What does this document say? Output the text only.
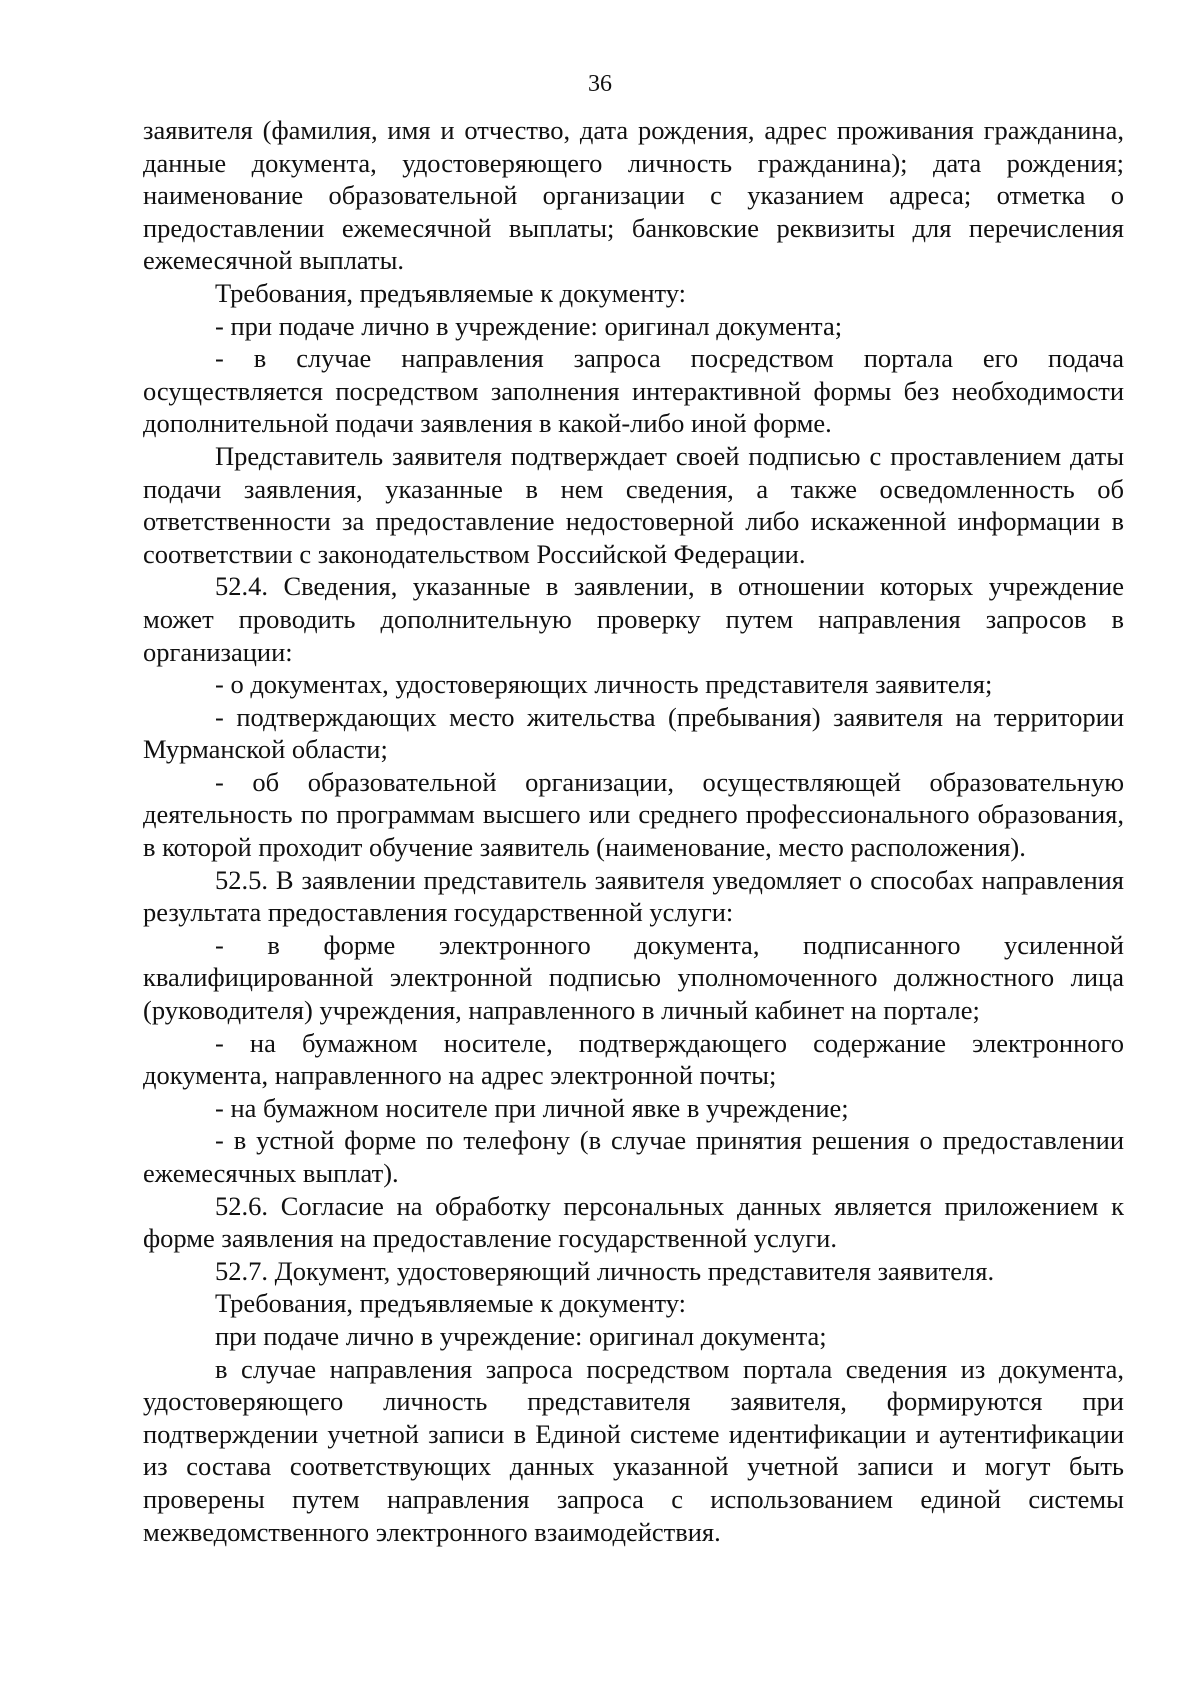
36

заявителя (фамилия, имя и отчество, дата рождения, адрес проживания гражданина, данные документа, удостоверяющего личность гражданина); дата рождения; наименование образовательной организации с указанием адреса; отметка о предоставлении ежемесячной выплаты; банковские реквизиты для перечисления ежемесячной выплаты.

Требования, предъявляемые к документу:

- при подаче лично в учреждение: оригинал документа;

- в случае направления запроса посредством портала его подача осуществляется посредством заполнения интерактивной формы без необходимости дополнительной подачи заявления в какой-либо иной форме.

Представитель заявителя подтверждает своей подписью с проставлением даты подачи заявления, указанные в нем сведения, а также осведомленность об ответственности за предоставление недостоверной либо искаженной информации в соответствии с законодательством Российской Федерации.

52.4. Сведения, указанные в заявлении, в отношении которых учреждение может проводить дополнительную проверку путем направления запросов в организации:

- о документах, удостоверяющих личность представителя заявителя;

- подтверждающих место жительства (пребывания) заявителя на территории Мурманской области;

- об образовательной организации, осуществляющей образовательную деятельность по программам высшего или среднего профессионального образования, в которой проходит обучение заявитель (наименование, место расположения).

52.5. В заявлении представитель заявителя уведомляет о способах направления результата предоставления государственной услуги:

- в форме электронного документа, подписанного усиленной квалифицированной электронной подписью уполномоченного должностного лица (руководителя) учреждения, направленного в личный кабинет на портале;

- на бумажном носителе, подтверждающего содержание электронного документа, направленного на адрес электронной почты;

- на бумажном носителе при личной явке в учреждение;

- в устной форме по телефону (в случае принятия решения о предоставлении ежемесячных выплат).

52.6. Согласие на обработку персональных данных является приложением к форме заявления на предоставление государственной услуги.

52.7. Документ, удостоверяющий личность представителя заявителя.

Требования, предъявляемые к документу:

при подаче лично в учреждение: оригинал документа;

в случае направления запроса посредством портала сведения из документа, удостоверяющего личность представителя заявителя, формируются при подтверждении учетной записи в Единой системе идентификации и аутентификации из состава соответствующих данных указанной учетной записи и могут быть проверены путем направления запроса с использованием единой системы межведомственного электронного взаимодействия.
